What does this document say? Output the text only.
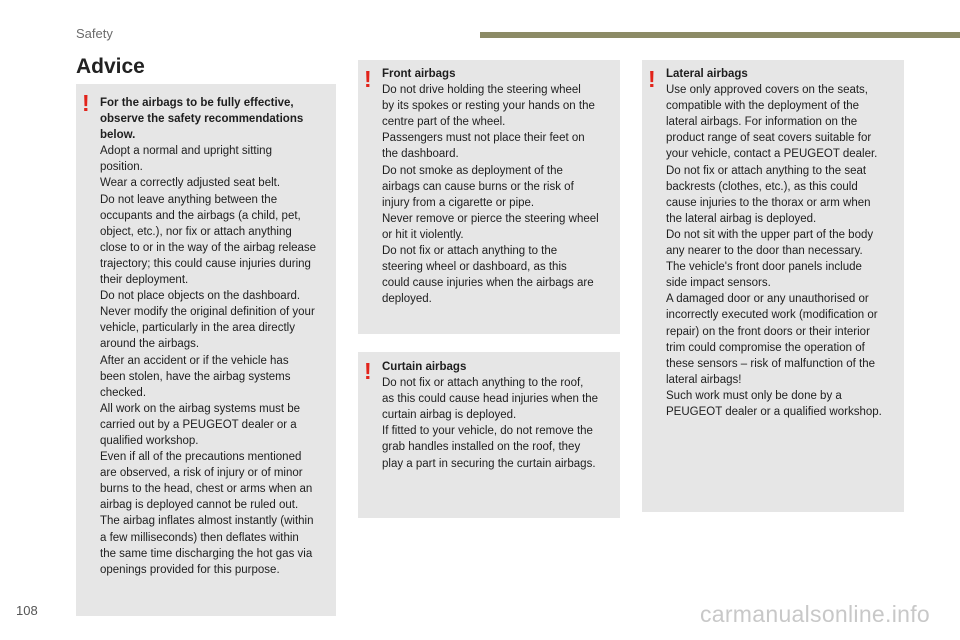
Safety
Advice
! For the airbags to be fully effective,
observe the safety recommendations
below.

Adopt a normal and upright sitting
position.
Wear a correctly adjusted seat belt.
Do not leave anything between the
occupants and the airbags (a child, pet,
object, etc.), nor fix or attach anything
close to or in the way of the airbag release
trajectory; this could cause injuries during
their deployment.
Do not place objects on the dashboard.
Never modify the original definition of your
vehicle, particularly in the area directly
around the airbags.
After an accident or if the vehicle has
been stolen, have the airbag systems
checked.
All work on the airbag systems must be
carried out by a PEUGEOT dealer or a
qualified workshop.
Even if all of the precautions mentioned
are observed, a risk of injury or of minor
burns to the head, chest or arms when an
airbag is deployed cannot be ruled out.
The airbag inflates almost instantly (within
a few milliseconds) then deflates within
the same time discharging the hot gas via
openings provided for this purpose.

! Front airbags

Do not drive holding the steering wheel
by its spokes or resting your hands on the
centre part of the wheel.
Passengers must not place their feet on
the dashboard.
Do not smoke as deployment of the
airbags can cause burns or the risk of
injury from a cigarette or pipe.
Never remove or pierce the steering wheel
or hit it violently.
Do not fix or attach anything to the
steering wheel or dashboard, as this
could cause injuries when the airbags are
deployed.

! Curtain airbags

Do not fix or attach anything to the roof,
as this could cause head injuries when the
curtain airbag is deployed.
If fitted to your vehicle, do not remove the
grab handles installed on the roof, they
play a part in securing the curtain airbags.

! Lateral airbags

Use only approved covers on the seats,
compatible with the deployment of the
lateral airbags. For information on the
product range of seat covers suitable for
your vehicle, contact a PEUGEOT dealer.
Do not fix or attach anything to the seat
backrests (clothes, etc.), as this could
cause injuries to the thorax or arm when
the lateral airbag is deployed.
Do not sit with the upper part of the body
any nearer to the door than necessary.
The vehicle's front door panels include
side impact sensors.
A damaged door or any unauthorised or
incorrectly executed work (modification or
repair) on the front doors or their interior
trim could compromise the operation of
these sensors – risk of malfunction of the
lateral airbags!
Such work must only be done by a
PEUGEOT dealer or a qualified workshop.

108	carmanualsonline.info
